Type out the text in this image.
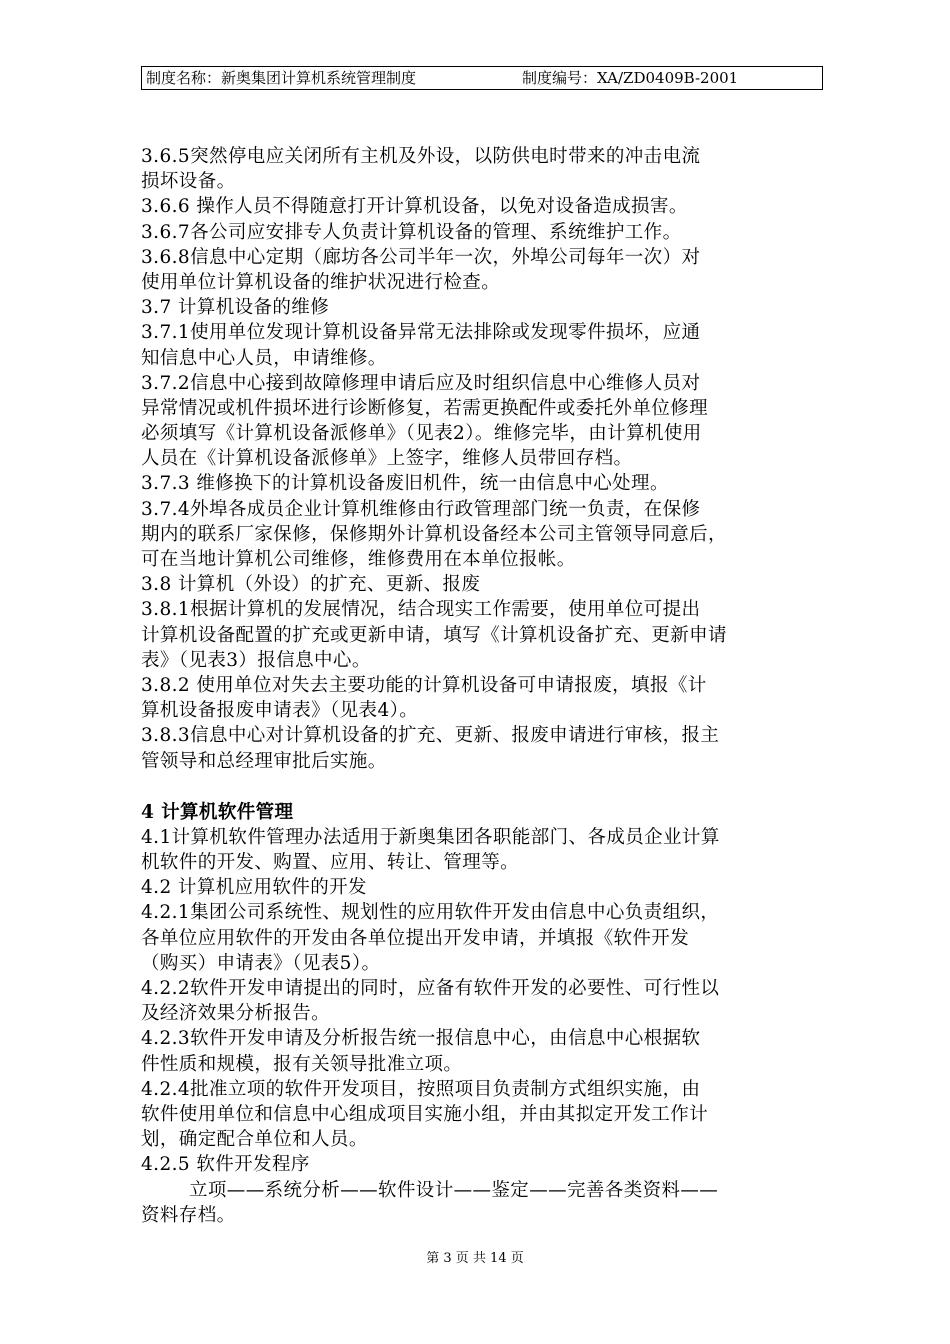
制度名称：新奥集团计算机系统管理制度	制度编号：XA/ZD0409B-2001
3.6.5突然停电应关闭所有主机及外设，以防供电时带来的冲击电流
损坏设备。
3.6.6 操作人员不得随意打开计算机设备，以免对设备造成损害。
3.6.7各公司应安排专人负责计算机设备的管理、系统维护工作。
3.6.8信息中心定期（廊坊各公司半年一次，外埠公司每年一次）对
使用单位计算机设备的维护状况进行检查。
3.7 计算机设备的维修
3.7.1使用单位发现计算机设备异常无法排除或发现零件损坏，应通
知信息中心人员，申请维修。
3.7.2信息中心接到故障修理申请后应及时组织信息中心维修人员对
异常情况或机件损坏进行诊断修复，若需更换配件或委托外单位修理
必须填写《计算机设备派修单》（见表2）。维修完毕，由计算机使用
人员在《计算机设备派修单》上签字，维修人员带回存档。
3.7.3 维修换下的计算机设备废旧机件，统一由信息中心处理。
3.7.4外埠各成员企业计算机维修由行政管理部门统一负责，在保修
期内的联系厂家保修，保修期外计算机设备经本公司主管领导同意后，
可在当地计算机公司维修，维修费用在本单位报帐。
3.8 计算机（外设）的扩充、更新、报废
3.8.1根据计算机的发展情况，结合现实工作需要，使用单位可提出
计算机设备配置的扩充或更新申请，填写《计算机设备扩充、更新申请
表》（见表3）报信息中心。
3.8.2 使用单位对失去主要功能的计算机设备可申请报废，填报《计
算机设备报废申请表》（见表4）。
3.8.3信息中心对计算机设备的扩充、更新、报废申请进行审核，报主
管领导和总经理审批后实施。
4 计算机软件管理
4.1计算机软件管理办法适用于新奥集团各职能部门、各成员企业计算
机软件的开发、购置、应用、转让、管理等。
4.2 计算机应用软件的开发
4.2.1集团公司系统性、规划性的应用软件开发由信息中心负责组织，
各单位应用软件的开发由各单位提出开发申请，并填报《软件开发
（购买）申请表》（见表5）。
4.2.2软件开发申请提出的同时，应备有软件开发的必要性、可行性以
及经济效果分析报告。
4.2.3软件开发申请及分析报告统一报信息中心，由信息中心根据软
件性质和规模，报有关领导批准立项。
4.2.4批准立项的软件开发项目，按照项目负责制方式组织实施，由
软件使用单位和信息中心组成项目实施小组，并由其拟定开发工作计
划，确定配合单位和人员。
4.2.5 软件开发程序
立项——系统分析——软件设计——鉴定——完善各类资料——
资料存档。
第 3 页 共 14 页
